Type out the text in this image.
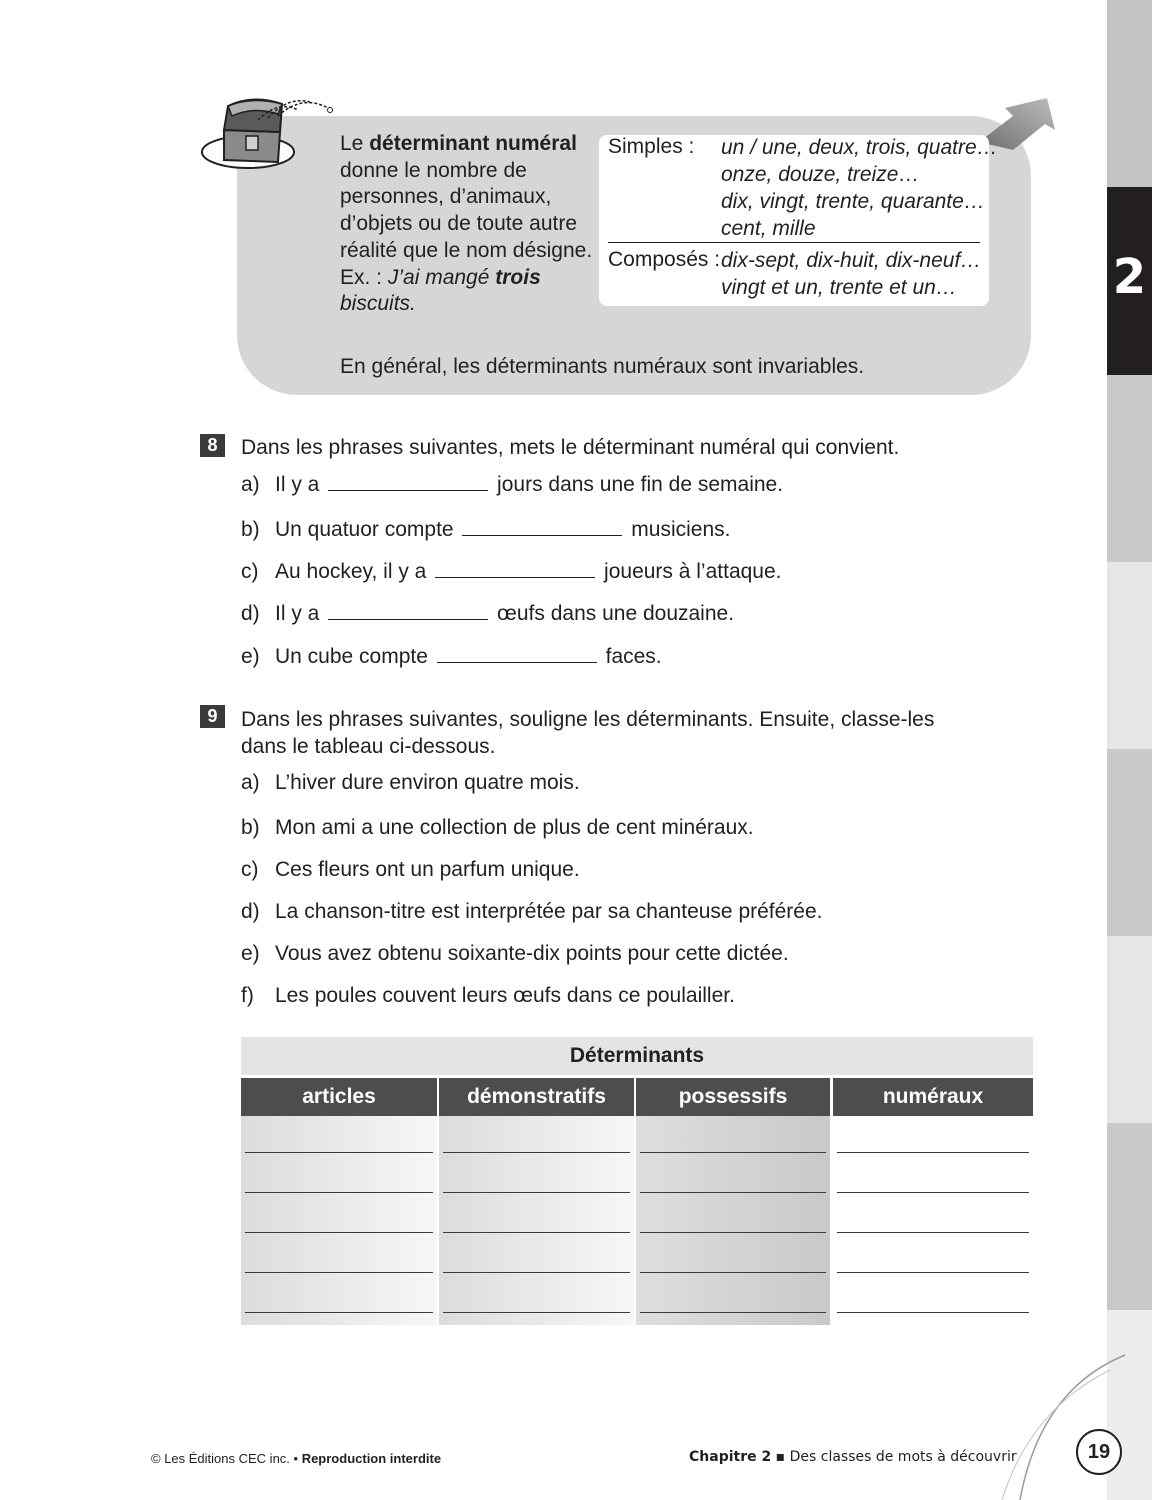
2
Le déterminant numéral donne le nombre de personnes, d’animaux, d’objets ou de toute autre réalité que le nom désigne.
Ex. : J’ai mangé trois biscuits.
En général, les déterminants numéraux sont invariables.
Simples : un / une, deux, trois, quatre…
onze, douze, treize…
dix, vingt, trente, quarante…
cent, mille
Composés : dix-sept, dix-huit, dix-neuf…
vingt et un, trente et un…
8	Dans les phrases suivantes, mets le déterminant numéral qui convient.
a) Il y a	jours dans une fin de semaine.
b) Un quatuor compte	musiciens.
c) Au hockey, il y a	joueurs à l’attaque.
d) Il y a	œufs dans une douzaine.
e) Un cube compte	faces.
9	Dans les phrases suivantes, souligne les déterminants. Ensuite, classe-les
dans le tableau ci-dessous.
a) L’hiver dure environ quatre mois.
b) Mon ami a une collection de plus de cent minéraux.
c) Ces fleurs ont un parfum unique.
d) La chanson-titre est interprétée par sa chanteuse préférée.
e) Vous avez obtenu soixante-dix points pour cette dictée.
f) Les poules couvent leurs œufs dans ce poulailler.
Déterminants
articles	démonstratifs	possessifs	numéraux
© Les Éditions CEC inc. • Reproduction interdite	Chapitre 2 ▪ Des classes de mots à découvrir	19
